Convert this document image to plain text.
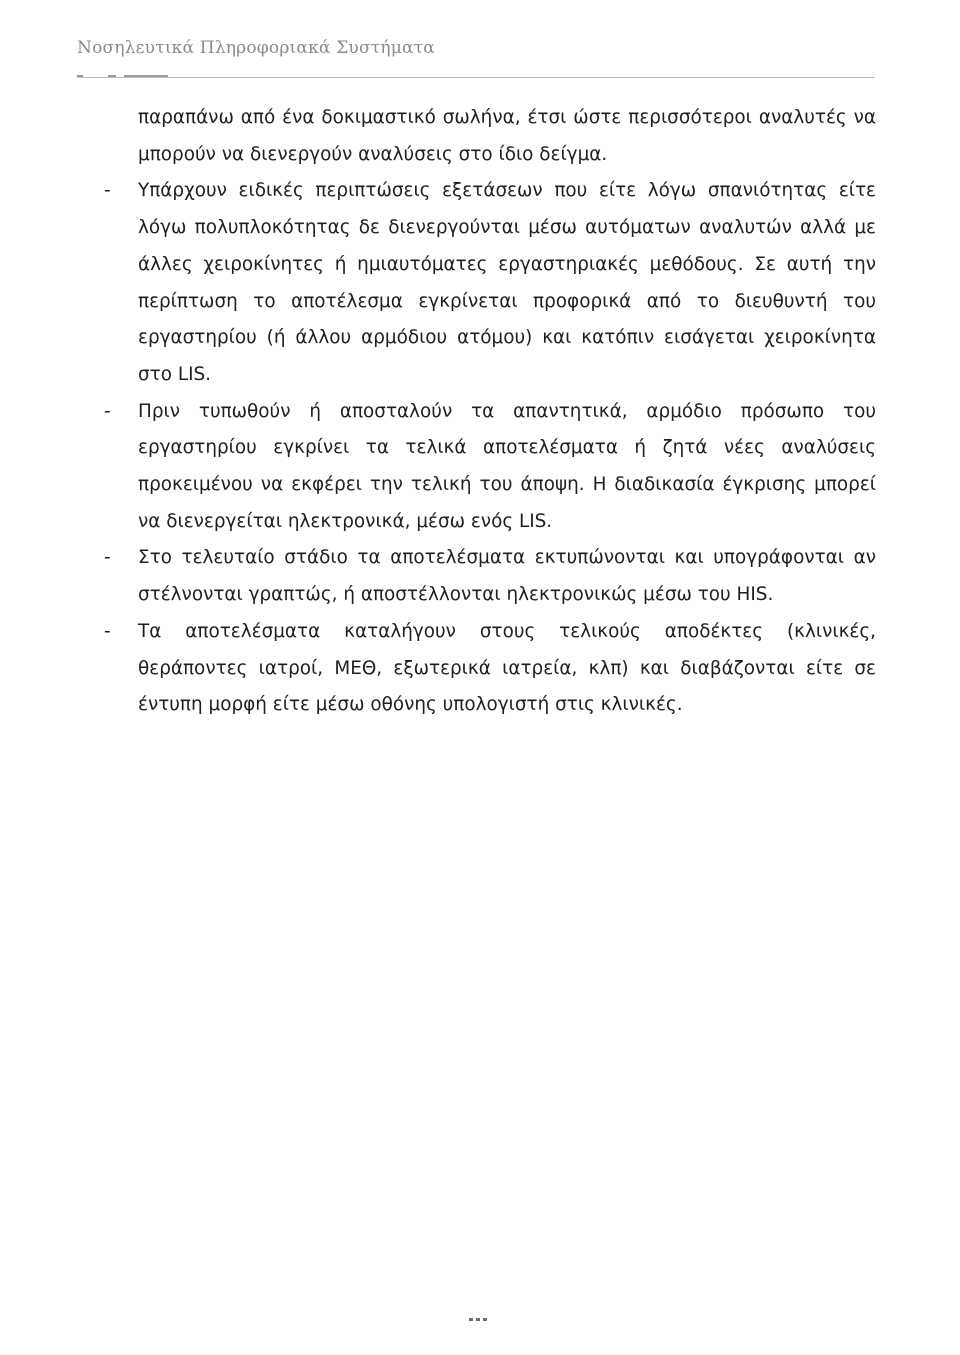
Νοσηλευτικά Πληροφοριακά Συστήματα

παραπάνω από ένα δοκιμαστικό σωλήνα, έτσι ώστε περισσότεροι αναλυτές να μπορούν να διενεργούν αναλύσεις στο ίδιο δείγμα.

-	Υπάρχουν ειδικές περιπτώσεις εξετάσεων που είτε λόγω σπανιότητας είτε λόγω πολυπλοκότητας δε διενεργούνται μέσω αυτόματων αναλυτών αλλά με άλλες χειροκίνητες ή ημιαυτόματες εργαστηριακές μεθόδους. Σε αυτή την περίπτωση το αποτέλεσμα εγκρίνεται προφορικά από το διευθυντή του εργαστηρίου (ή άλλου αρμόδιου ατόμου) και κατόπιν εισάγεται χειροκίνητα στο LIS.

-	Πριν τυπωθούν ή αποσταλούν τα απαντητικά, αρμόδιο πρόσωπο του εργαστηρίου εγκρίνει τα τελικά αποτελέσματα ή ζητά νέες αναλύσεις προκειμένου να εκφέρει την τελική του άποψη. Η διαδικασία έγκρισης μπορεί να διενεργείται ηλεκτρονικά, μέσω ενός LIS.

-	Στο τελευταίο στάδιο τα αποτελέσματα εκτυπώνονται και υπογράφονται αν στέλνονται γραπτώς, ή αποστέλλονται ηλεκτρονικώς μέσω του HIS.

-	Τα αποτελέσματα καταλήγουν στους τελικούς αποδέκτες (κλινικές, θεράποντες ιατροί, ΜΕΘ, εξωτερικά ιατρεία, κλπ) και διαβάζονται είτε σε έντυπη μορφή είτε μέσω οθόνης υπολογιστή στις κλινικές.
